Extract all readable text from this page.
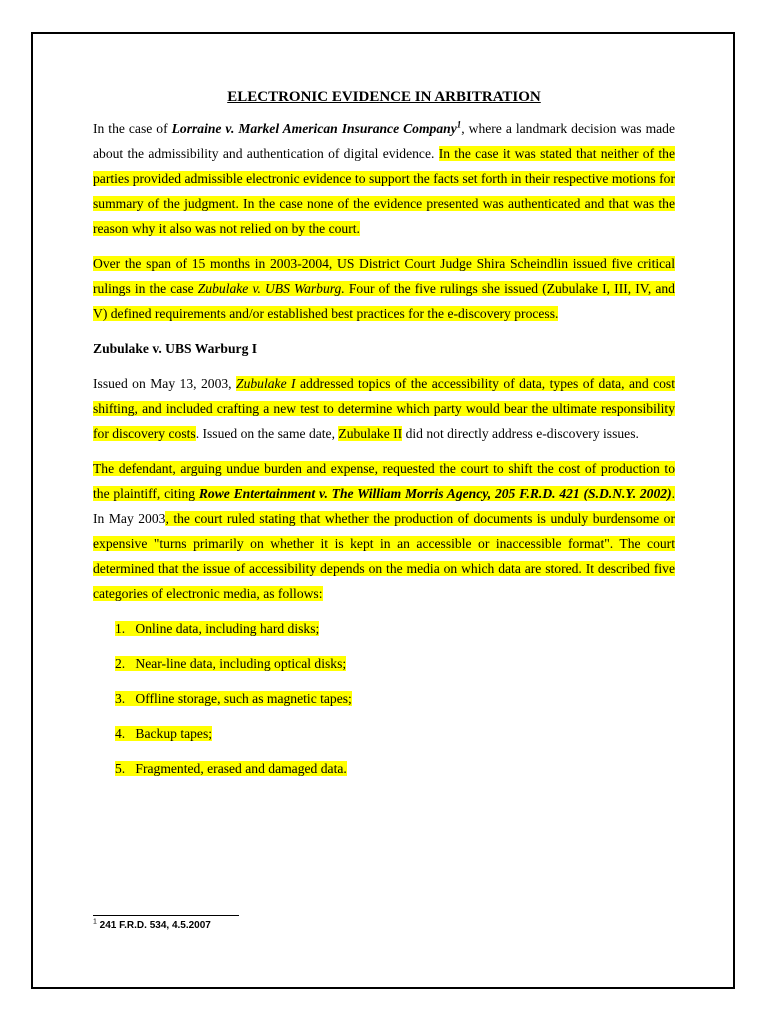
ELECTRONIC EVIDENCE IN ARBITRATION

In the case of Lorraine v. Markel American Insurance Company$^1$, where a landmark decision was made about the admissibility and authentication of digital evidence. In the case it was stated that neither of the parties provided admissible electronic evidence to support the facts set forth in their respective motions for summary of the judgment. In the case none of the evidence presented was authenticated and that was the reason why it also was not relied on by the court.

Over the span of 15 months in 2003-2004, US District Court Judge Shira Scheindlin issued five critical rulings in the case Zubulake v. UBS Warburg. Four of the five rulings she issued (Zubulake I, III, IV, and V) defined requirements and/or established best practices for the e-discovery process.

Zubulake v. UBS Warburg I

Issued on May 13, 2003, Zubulake I addressed topics of the accessibility of data, types of data, and cost shifting, and included crafting a new test to determine which party would bear the ultimate responsibility for discovery costs. Issued on the same date, Zubulake II did not directly address e-discovery issues.

The defendant, arguing undue burden and expense, requested the court to shift the cost of production to the plaintiff, citing Rowe Entertainment v. The William Morris Agency, 205 F.R.D. 421 (S.D.N.Y. 2002). In May 2003, the court ruled stating that whether the production of documents is unduly burdensome or expensive "turns primarily on whether it is kept in an accessible or inaccessible format". The court determined that the issue of accessibility depends on the media on which data are stored. It described five categories of electronic media, as follows:

1. Online data, including hard disks;
2. Near-line data, including optical disks;
3. Offline storage, such as magnetic tapes;
4. Backup tapes;
5. Fragmented, erased and damaged data.
$^1$ 241 F.R.D. 534, 4.5.2007
